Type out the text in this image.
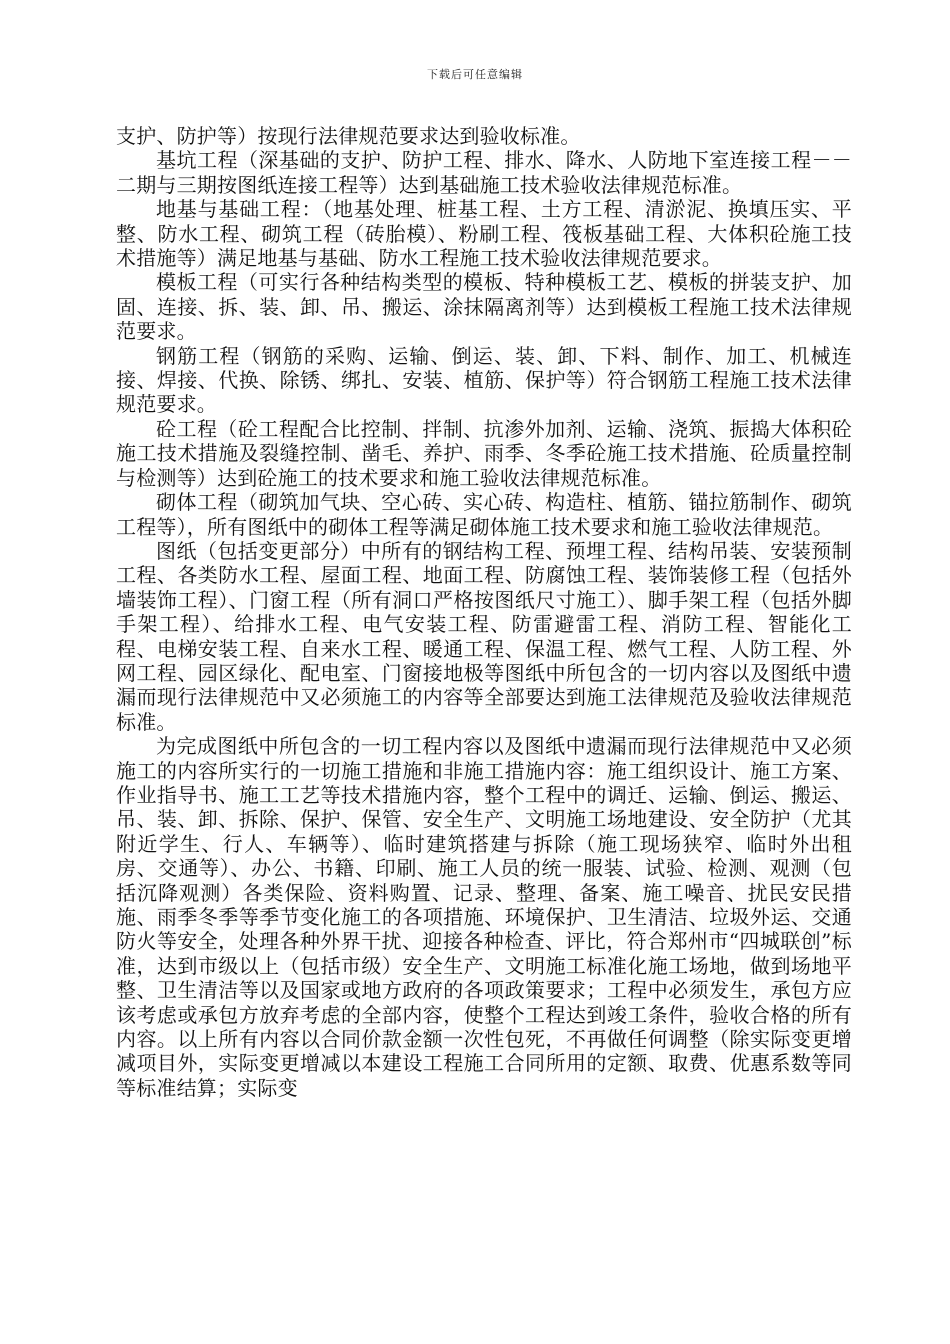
下载后可任意编辑

支护、防护等）按现行法律规范要求达到验收标准。

基坑工程（深基础的支护、防护工程、排水、降水、人防地下室连接工程－－二期与三期按图纸连接工程等）达到基础施工技术验收法律规范标准。

地基与基础工程：（地基处理、桩基工程、土方工程、清淤泥、换填压实、平整、防水工程、砌筑工程（砖胎模）、粉刷工程、筏板基础工程、大体积砼施工技术措施等）满足地基与基础、防水工程施工技术验收法律规范要求。

模板工程（可实行各种结构类型的模板、特种模板工艺、模板的拼装支护、加固、连接、拆、装、卸、吊、搬运、涂抹隔离剂等）达到模板工程施工技术法律规范要求。

钢筋工程（钢筋的采购、运输、倒运、装、卸、下料、制作、加工、机械连接、焊接、代换、除锈、绑扎、安装、植筋、保护等）符合钢筋工程施工技术法律规范要求。

砼工程（砼工程配合比控制、拌制、抗渗外加剂、运输、浇筑、振捣大体积砼施工技术措施及裂缝控制、凿毛、养护、雨季、冬季砼施工技术措施、砼质量控制与检测等）达到砼施工的技术要求和施工验收法律规范标准。

砌体工程（砌筑加气块、空心砖、实心砖、构造柱、植筋、锚拉筋制作、砌筑工程等），所有图纸中的砌体工程等满足砌体施工技术要求和施工验收法律规范。

图纸（包括变更部分）中所有的钢结构工程、预埋工程、结构吊装、安装预制工程、各类防水工程、屋面工程、地面工程、防腐蚀工程、装饰装修工程（包括外墙装饰工程）、门窗工程（所有洞口严格按图纸尺寸施工）、脚手架工程（包括外脚手架工程）、给排水工程、电气安装工程、防雷避雷工程、消防工程、智能化工程、电梯安装工程、自来水工程、暖通工程、保温工程、燃气工程、人防工程、外网工程、园区绿化、配电室、门窗接地极等图纸中所包含的一切内容以及图纸中遗漏而现行法律规范中又必须施工的内容等全部要达到施工法律规范及验收法律规范标准。

为完成图纸中所包含的一切工程内容以及图纸中遗漏而现行法律规范中又必须施工的内容所实行的一切施工措施和非施工措施内容：施工组织设计、施工方案、作业指导书、施工工艺等技术措施内容，整个工程中的调迁、运输、倒运、搬运、吊、装、卸、拆除、保护、保管、安全生产、文明施工场地建设、安全防护（尤其附近学生、行人、车辆等）、临时建筑搭建与拆除（施工现场狭窄、临时外出租房、交通等）、办公、书籍、印刷、施工人员的统一服装、试验、检测、观测（包括沉降观测）各类保险、资料购置、记录、整理、备案、施工噪音、扰民安民措施、雨季冬季等季节变化施工的各项措施、环境保护、卫生清洁、垃圾外运、交通防火等安全，处理各种外界干扰、迎接各种检查、评比，符合郑州市“四城联创”标准，达到市级以上（包括市级）安全生产、文明施工标准化施工场地，做到场地平整、卫生清洁等以及国家或地方政府的各项政策要求；工程中必须发生，承包方应该考虑或承包方放弃考虑的全部内容，使整个工程达到竣工条件，验收合格的所有内容。以上所有内容以合同价款金额一次性包死，不再做任何调整（除实际变更增减项目外，实际变更增减以本建设工程施工合同所用的定额、取费、优惠系数等同等标准结算；实际变
